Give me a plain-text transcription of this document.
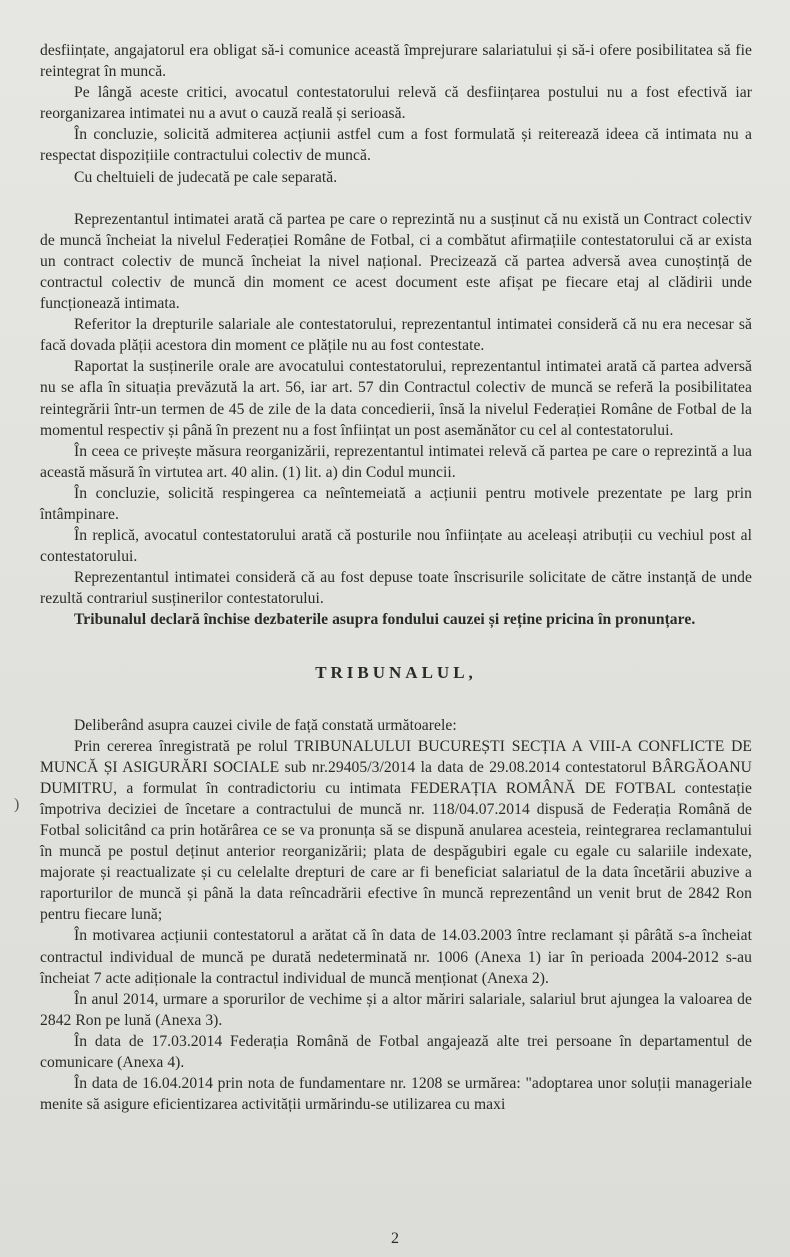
desființate, angajatorul era obligat să-i comunice această împrejurare salariatului și să-i ofere posibilitatea să fie reintegrat în muncă.

Pe lângă aceste critici, avocatul contestatorului relevă că desființarea postului nu a fost efectivă iar reorganizarea intimatei nu a avut o cauză reală și serioasă.

În concluzie, solicită admiterea acțiunii astfel cum a fost formulată și reiterează ideea că intimata nu a respectat dispozițiile contractului colectiv de muncă.

Cu cheltuieli de judecată pe cale separată.

Reprezentantul intimatei arată că partea pe care o reprezintă nu a susținut că nu există un Contract colectiv de muncă încheiat la nivelul Federației Române de Fotbal, ci a combătut afirmațiile contestatorului că ar exista un contract colectiv de muncă încheiat la nivel național. Precizează că partea adversă avea cunoștință de contractul colectiv de muncă din moment ce acest document este afișat pe fiecare etaj al clădirii unde funcționează intimata.

Referitor la drepturile salariale ale contestatorului, reprezentantul intimatei consideră că nu era necesar să facă dovada plății acestora din moment ce plățile nu au fost contestate.

Raportat la susținerile orale are avocatului contestatorului, reprezentantul intimatei arată că partea adversă nu se afla în situația prevăzută la art. 56, iar art. 57 din Contractul colectiv de muncă se referă la posibilitatea reintegrării într-un termen de 45 de zile de la data concedierii, însă la nivelul Federației Române de Fotbal de la momentul respectiv și până în prezent nu a fost înființat un post asemănător cu cel al contestatorului.

În ceea ce privește măsura reorganizării, reprezentantul intimatei relevă că partea pe care o reprezintă a lua această măsură în virtutea art. 40 alin. (1) lit. a) din Codul muncii.

În concluzie, solicită respingerea ca neîntemeiată a acțiunii pentru motivele prezentate pe larg prin întâmpinare.

În replică, avocatul contestatorului arată că posturile nou înființate au aceleași atribuții cu vechiul post al contestatorului.

Reprezentantul intimatei consideră că au fost depuse toate înscrisurile solicitate de către instanță de unde rezultă contrariul susținerilor contestatorului.

Tribunalul declară închise dezbaterile asupra fondului cauzei și reține pricina în pronunțare.

TRIBUNALUL,

Deliberând asupra cauzei civile de față constată următoarele:

Prin cererea înregistrată pe rolul TRIBUNALULUI BUCUREȘTI SECȚIA A VIII-A CONFLICTE DE MUNCĂ ȘI ASIGURĂRI SOCIALE sub nr.29405/3/2014 la data de 29.08.2014 contestatorul BÂRGĂOANU DUMITRU, a formulat în contradictoriu cu intimata FEDERAȚIA ROMÂNĂ DE FOTBAL contestație împotriva deciziei de încetare a contractului de muncă nr. 118/04.07.2014 dispusă de Federația Română de Fotbal solicitând ca prin hotărârea ce se va pronunța să se dispună anularea acesteia, reintegrarea reclamantului în muncă pe postul deținut anterior reorganizării; plata de despăgubiri egale cu egale cu salariile indexate, majorate și reactualizate și cu celelalte drepturi de care ar fi beneficiat salariatul de la data încetării abuzive a raporturilor de muncă și până la data reîncadrării efective în muncă reprezentând un venit brut de 2842 Ron pentru fiecare lună;

În motivarea acțiunii contestatorul a arătat că în data de 14.03.2003 între reclamant și pârâtă s-a încheiat contractul individual de muncă pe durată nedeterminată nr. 1006 (Anexa 1) iar în perioada 2004-2012 s-au încheiat 7 acte adiționale la contractul individual de muncă menționat (Anexa 2).

În anul 2014, urmare a sporurilor de vechime și a altor măriri salariale, salariul brut ajungea la valoarea de 2842 Ron pe lună (Anexa 3).

În data de 17.03.2014 Federația Română de Fotbal angajează alte trei persoane în departamentul de comunicare (Anexa 4).

În data de 16.04.2014 prin nota de fundamentare nr. 1208 se urmărea: "adoptarea unor soluții manageriale menite să asigure eficientizarea activității urmărindu-se utilizarea cu maxi

)
2
